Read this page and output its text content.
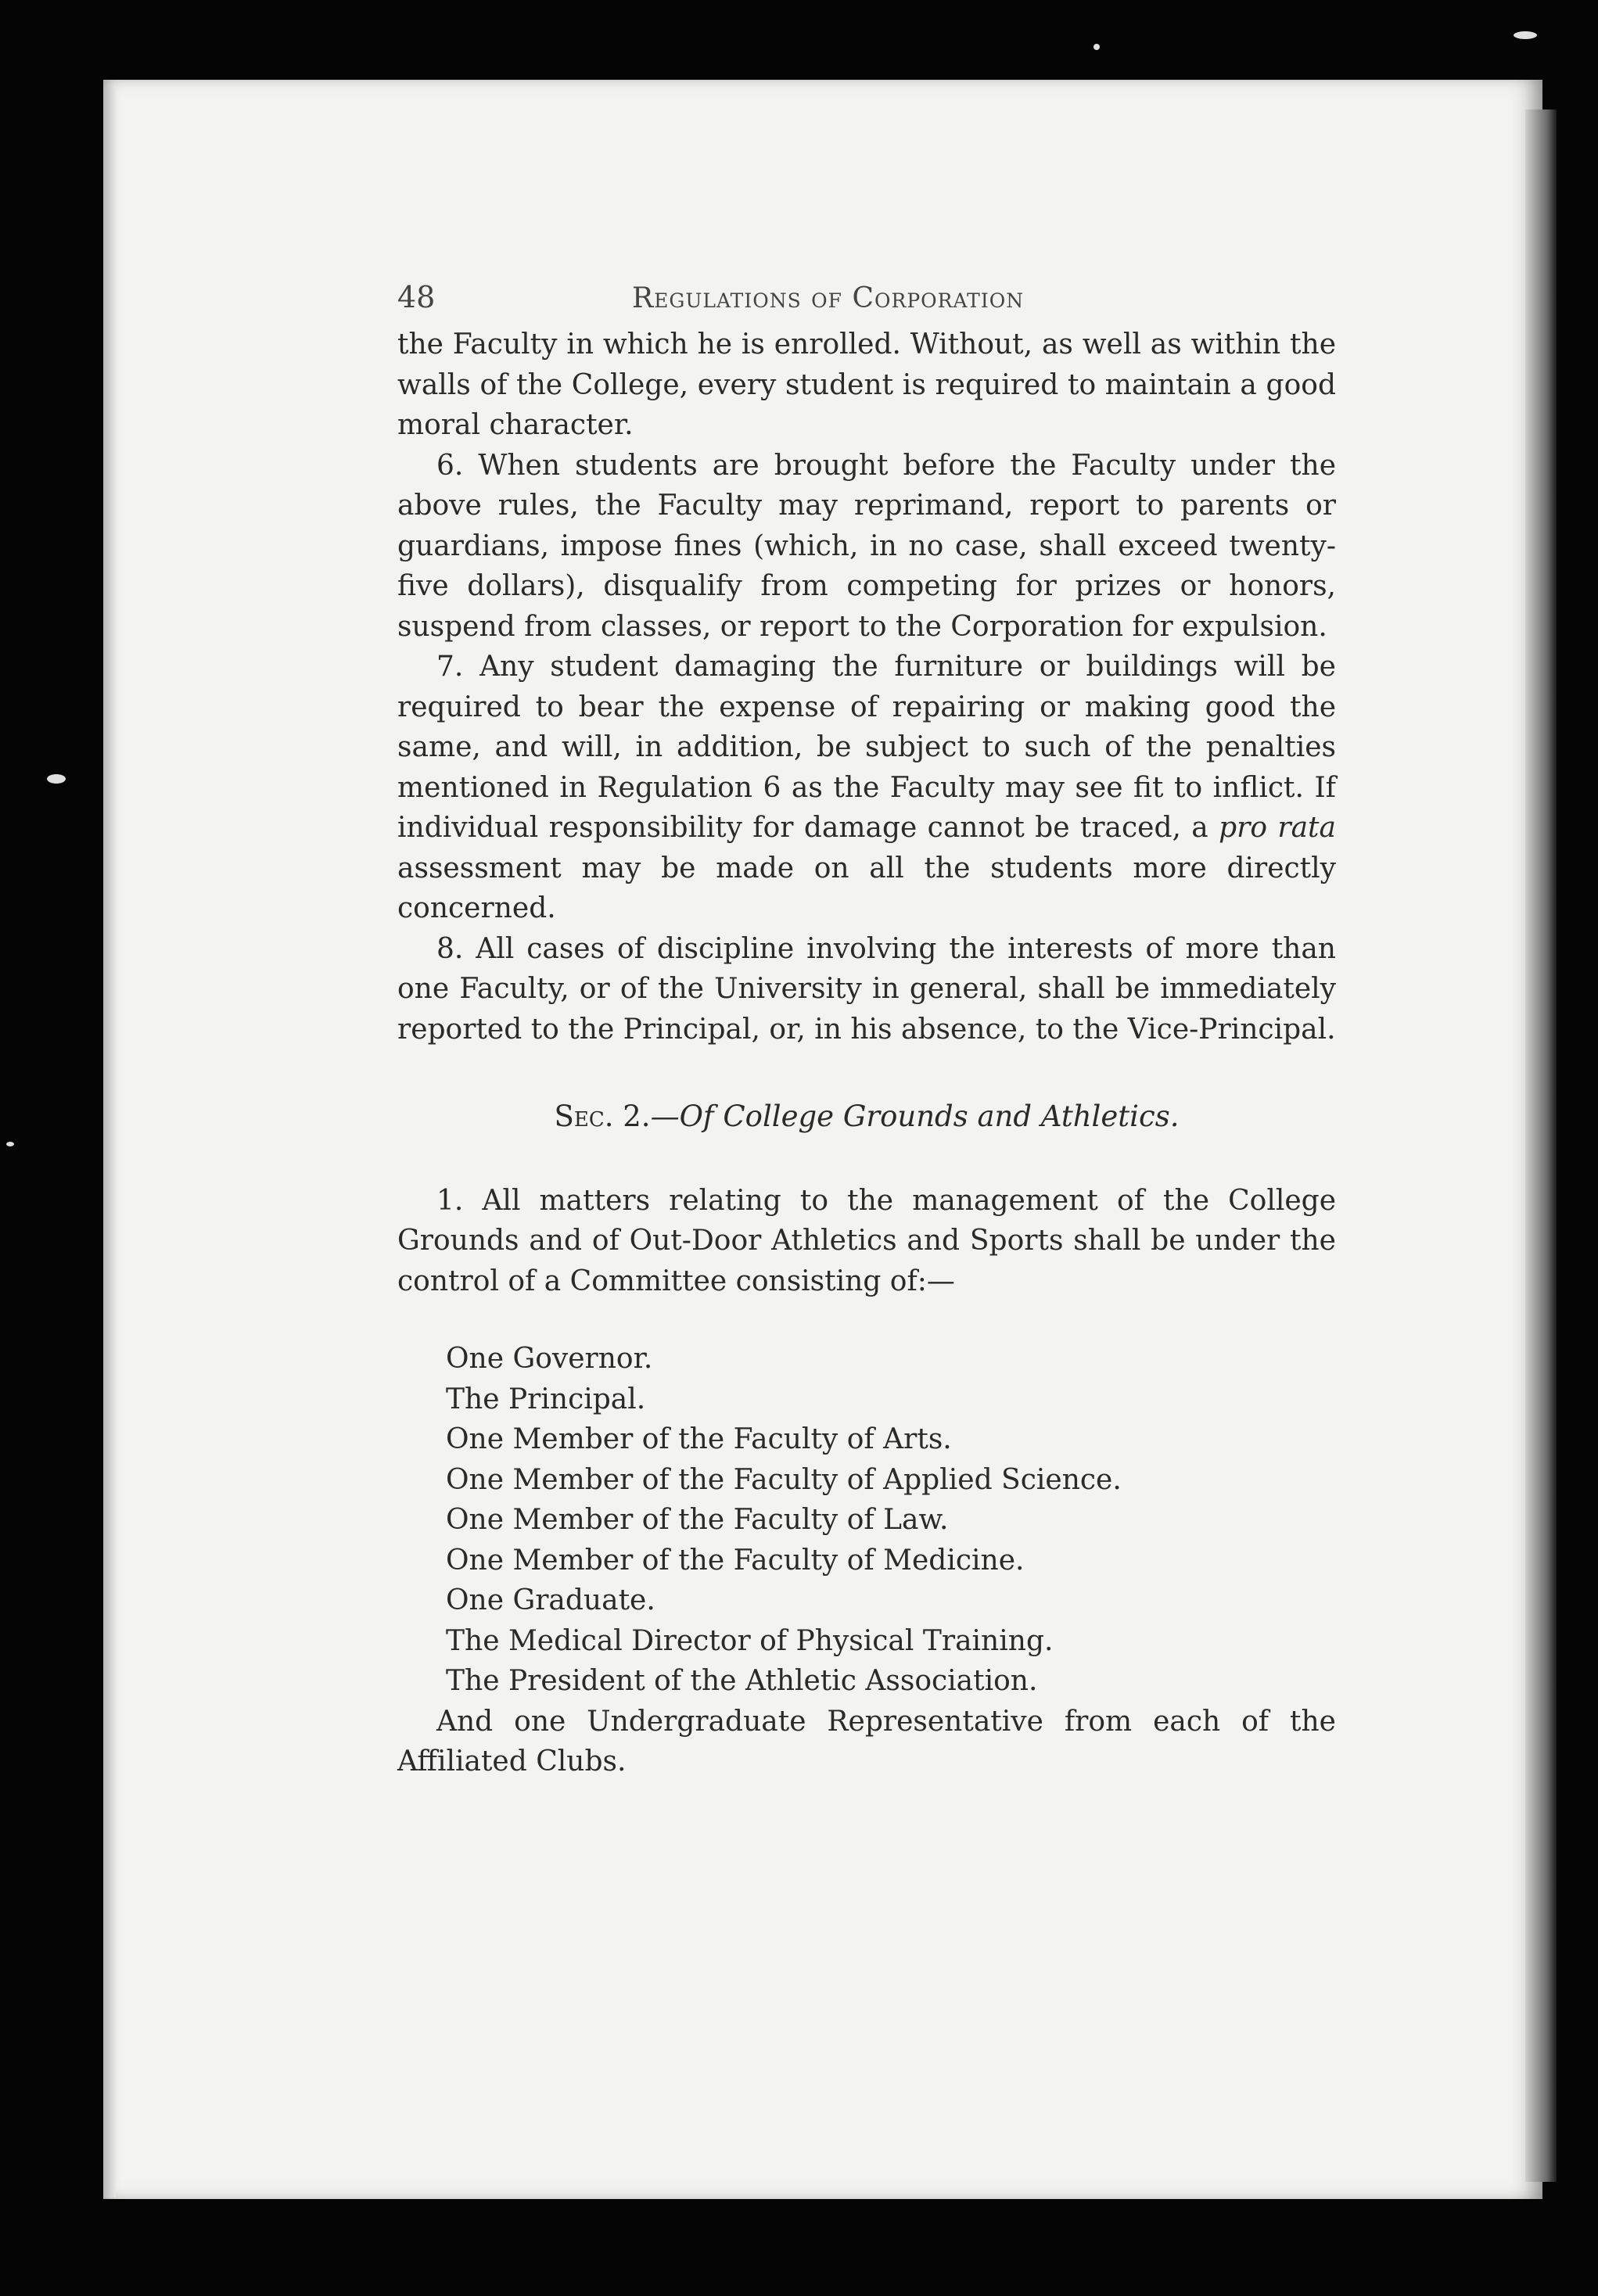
48	Regulations of Corporation

the Faculty in which he is enrolled. Without, as well as within the walls of the College, every student is required to maintain a good moral character.

6. When students are brought before the Faculty under the above rules, the Faculty may reprimand, report to parents or guardians, impose fines (which, in no case, shall exceed twenty-five dollars), disqualify from competing for prizes or honors, suspend from classes, or report to the Corporation for expulsion.

7. Any student damaging the furniture or buildings will be required to bear the expense of repairing or making good the same, and will, in addition, be subject to such of the penalties mentioned in Regulation 6 as the Faculty may see fit to inflict. If individual responsibility for damage cannot be traced, a pro rata assessment may be made on all the students more directly concerned.

8. All cases of discipline involving the interests of more than one Faculty, or of the University in general, shall be immediately reported to the Principal, or, in his absence, to the Vice-Principal.

Sec. 2.—Of College Grounds and Athletics.

1. All matters relating to the management of the College Grounds and of Out-Door Athletics and Sports shall be under the control of a Committee consisting of:—

One Governor.
The Principal.
One Member of the Faculty of Arts.
One Member of the Faculty of Applied Science.
One Member of the Faculty of Law.
One Member of the Faculty of Medicine.
One Graduate.
The Medical Director of Physical Training.
The President of the Athletic Association.

And one Undergraduate Representative from each of the Affiliated Clubs.
